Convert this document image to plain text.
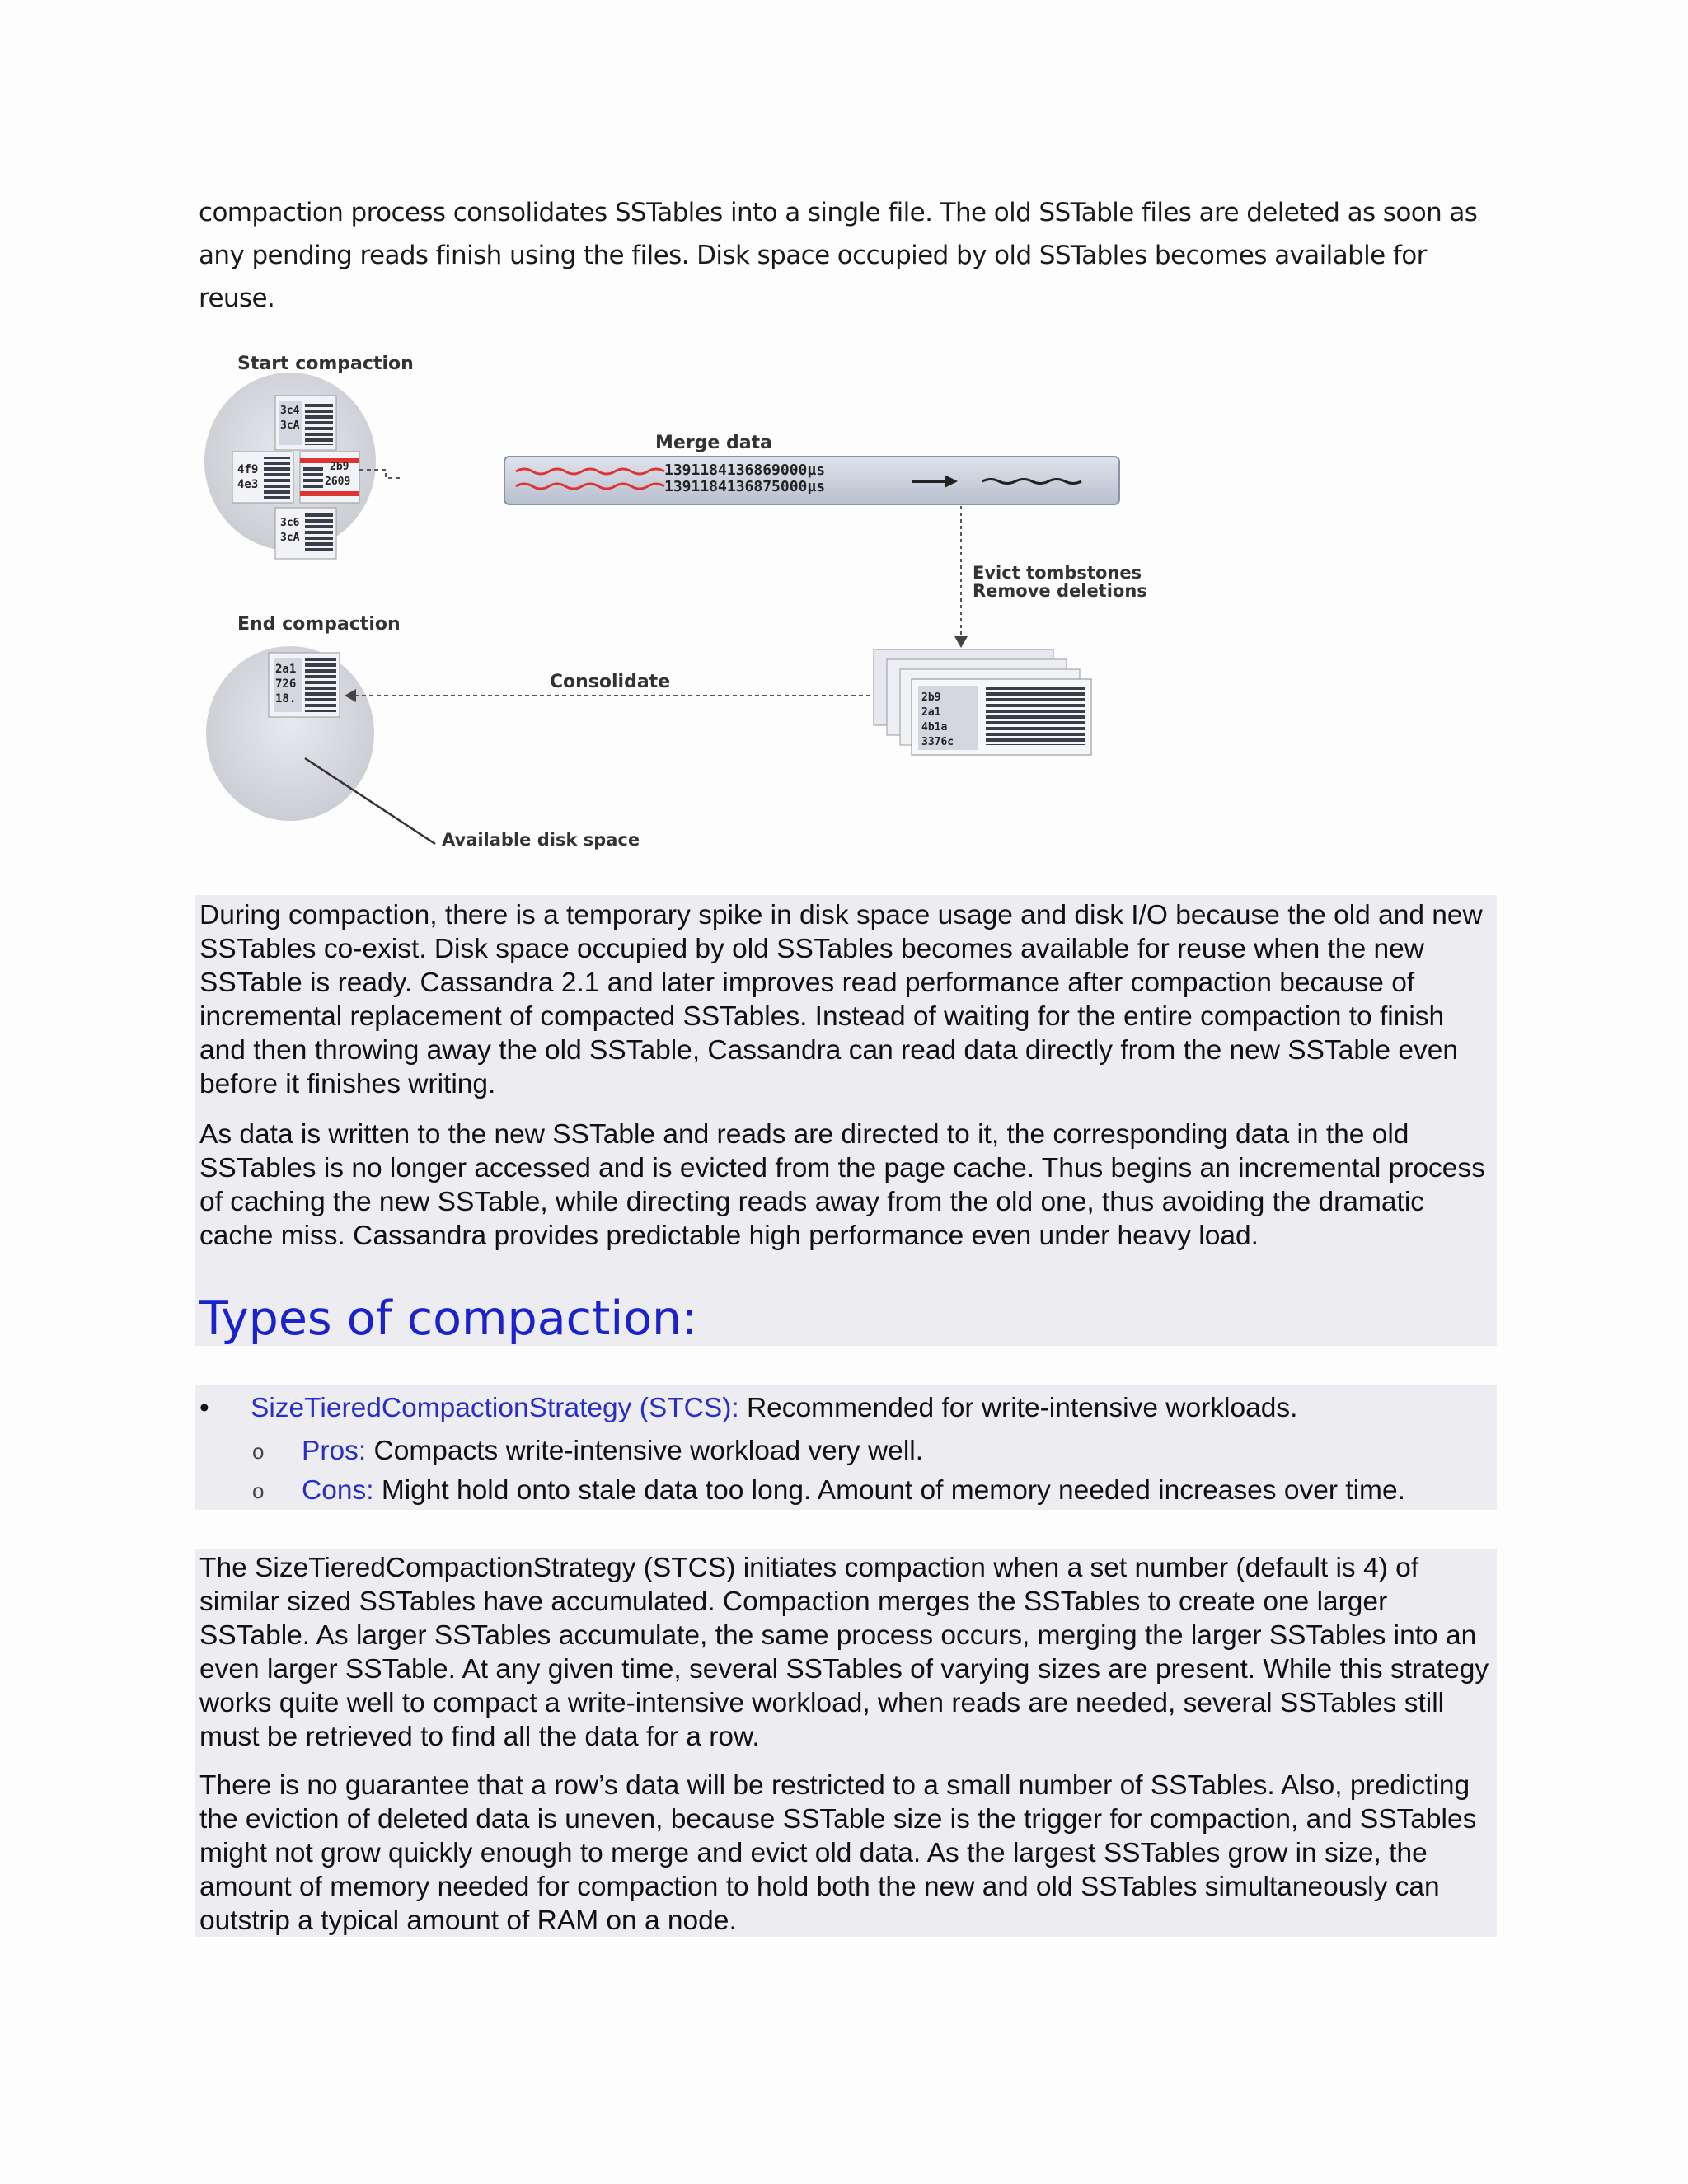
compaction process consolidates SSTables into a single file. The old SSTable files are deleted as soon as any pending reads finish using the files. Disk space occupied by old SSTables becomes available for reuse.

Start compaction
3c4
3cA
4f9
4e3
2b9
2609
3c6
3cA
Merge data
1391184136869000µs
1391184136875000µs
Evict tombstones
Remove deletions
2b9
2a1
4b1a
3376c
End compaction
2a1
726
18.
Consolidate
Available disk space

During compaction, there is a temporary spike in disk space usage and disk I/O because the old and new SSTables co-exist. Disk space occupied by old SSTables becomes available for reuse when the new SSTable is ready. Cassandra 2.1 and later improves read performance after compaction because of incremental replacement of compacted SSTables. Instead of waiting for the entire compaction to finish and then throwing away the old SSTable, Cassandra can read data directly from the new SSTable even before it finishes writing.

As data is written to the new SSTable and reads are directed to it, the corresponding data in the old SSTables is no longer accessed and is evicted from the page cache. Thus begins an incremental process of caching the new SSTable, while directing reads away from the old one, thus avoiding the dramatic cache miss. Cassandra provides predictable high performance even under heavy load.

Types of compaction:
•	SizeTieredCompactionStrategy (STCS): Recommended for write-intensive workloads.
o	Pros: Compacts write-intensive workload very well.
o	Cons: Might hold onto stale data too long. Amount of memory needed increases over time.

The SizeTieredCompactionStrategy (STCS) initiates compaction when a set number (default is 4) of similar sized SSTables have accumulated. Compaction merges the SSTables to create one larger SSTable. As larger SSTables accumulate, the same process occurs, merging the larger SSTables into an even larger SSTable. At any given time, several SSTables of varying sizes are present. While this strategy works quite well to compact a write-intensive workload, when reads are needed, several SSTables still must be retrieved to find all the data for a row.

There is no guarantee that a row’s data will be restricted to a small number of SSTables. Also, predicting the eviction of deleted data is uneven, because SSTable size is the trigger for compaction, and SSTables might not grow quickly enough to merge and evict old data. As the largest SSTables grow in size, the amount of memory needed for compaction to hold both the new and old SSTables simultaneously can outstrip a typical amount of RAM on a node.
